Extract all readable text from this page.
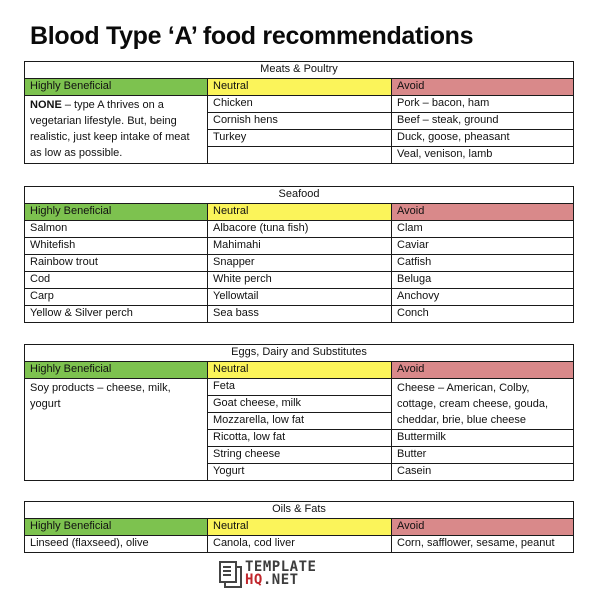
Blood Type ‘A’ food recommendations
Meats & Poultry		
Highly Beneficial	Neutral	Avoid
NONE – type A thrives on a vegetarian lifestyle. But, being realistic, just keep intake of meat as low as possible.	Chicken	Pork – bacon, ham
	Cornish hens	Beef – steak, ground
	Turkey	Duck, goose, pheasant
		Veal, venison, lamb
Seafood		
Highly Beneficial	Neutral	Avoid
Salmon	Albacore (tuna fish)	Clam
Whitefish	Mahimahi	Caviar
Rainbow trout	Snapper	Catfish
Cod	White perch	Beluga
Carp	Yellowtail	Anchovy
Yellow & Silver perch	Sea bass	Conch
Eggs, Dairy and Substitutes		
Highly Beneficial	Neutral	Avoid
Soy products – cheese, milk, yogurt	Feta	Cheese – American, Colby, cottage, cream cheese, gouda, cheddar, brie, blue cheese
	Goat cheese, milk	
	Mozzarella, low fat	
	Ricotta, low fat	Buttermilk
	String cheese	Butter
	Yogurt	Casein
Oils & Fats		
Highly Beneficial	Neutral	Avoid
Linseed (flaxseed), olive	Canola, cod liver	Corn, safflower, sesame, peanut
TEMPLATE
HQ.NET
